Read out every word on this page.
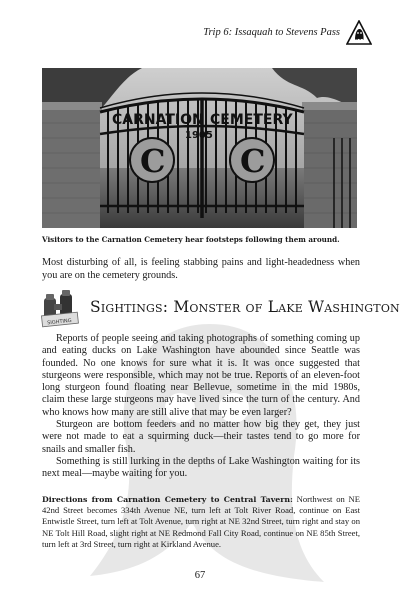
Trip 6: Issaquah to Stevens Pass
CARNATION CEMETERY
1905
C C
Visitors to the Carnation Cemetery hear footsteps following them around.
Most disturbing of all, is feeling stabbing pains and light-headedness when you are on the cemetery grounds.
SIGHTING
Sightings: Monster of Lake Washington

Reports of people seeing and taking photographs of something coming up and eating ducks on Lake Washington have abounded since Seattle was founded. No one knows for sure what it is. It was once suggested that sturgeons were responsible, which may not be true. Reports of an eleven-foot long sturgeon found floating near Bellevue, sometime in the mid 1980s, claim these large sturgeons may have lived since the turn of the century. And who knows how many are still alive that may be even larger?

Sturgeon are bottom feeders and no matter how big they get, they just were not made to eat a squirming duck—their tastes tend to go more for snails and smaller fish.

Something is still lurking in the depths of Lake Washington waiting for its next meal—maybe waiting for you.

Directions from Carnation Cemetery to Central Tavern: Northwest on NE 42nd Street becomes 334th Avenue NE, turn left at Tolt River Road, continue on East Entwistle Street, turn left at Tolt Avenue, turn right at NE 32nd Street, turn right and stay on NE Tolt Hill Road, slight right at NE Redmond Fall City Road, continue on NE 85th Street, turn left at 3rd Street, turn right at Kirkland Avenue.
67
